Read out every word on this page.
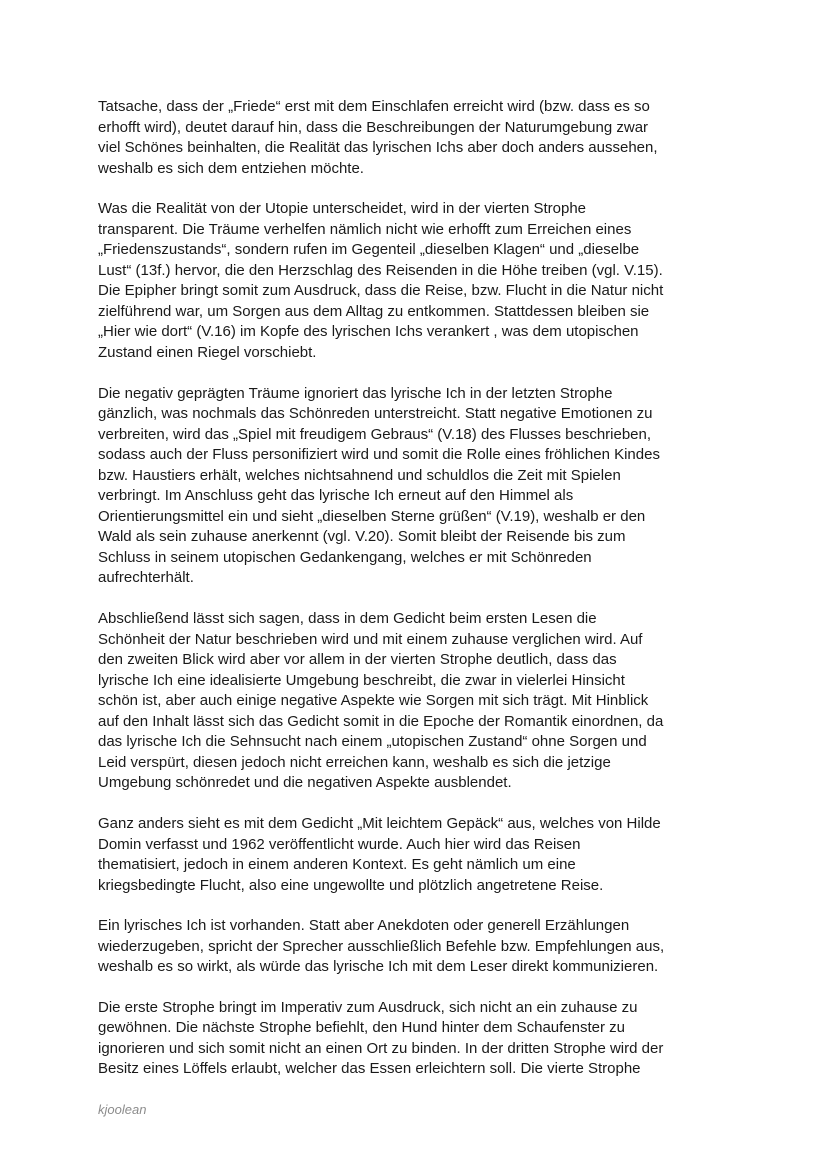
Tatsache, dass der „Friede“ erst mit dem Einschlafen erreicht wird (bzw. dass es so
erhofft wird), deutet darauf hin, dass die Beschreibungen der Naturumgebung zwar
viel Schönes beinhalten, die Realität das lyrischen Ichs aber doch anders aussehen,
weshalb es sich dem entziehen möchte.

Was die Realität von der Utopie unterscheidet, wird in der vierten Strophe
transparent. Die Träume verhelfen nämlich nicht wie erhofft zum Erreichen eines
„Friedenszustands“, sondern rufen im Gegenteil „dieselben Klagen“ und „dieselbe
Lust“ (13f.) hervor, die den Herzschlag des Reisenden in die Höhe treiben (vgl. V.15).
Die Epipher bringt somit zum Ausdruck, dass die Reise, bzw. Flucht in die Natur nicht
zielführend war, um Sorgen aus dem Alltag zu entkommen. Stattdessen bleiben sie
„Hier wie dort“ (V.16) im Kopfe des lyrischen Ichs verankert , was dem utopischen
Zustand einen Riegel vorschiebt.

Die negativ geprägten Träume ignoriert das lyrische Ich in der letzten Strophe
gänzlich, was nochmals das Schönreden unterstreicht. Statt negative Emotionen zu
verbreiten, wird das „Spiel mit freudigem Gebraus“ (V.18) des Flusses beschrieben,
sodass auch der Fluss personifiziert wird und somit die Rolle eines fröhlichen Kindes
bzw. Haustiers erhält, welches nichtsahnend und schuldlos die Zeit mit Spielen
verbringt. Im Anschluss geht das lyrische Ich erneut auf den Himmel als
Orientierungsmittel ein und sieht „dieselben Sterne grüßen“ (V.19), weshalb er den
Wald als sein zuhause anerkennt (vgl. V.20). Somit bleibt der Reisende bis zum
Schluss in seinem utopischen Gedankengang, welches er mit Schönreden
aufrechterhält.

Abschließend lässt sich sagen, dass in dem Gedicht beim ersten Lesen die
Schönheit der Natur beschrieben wird und mit einem zuhause verglichen wird. Auf
den zweiten Blick wird aber vor allem in der vierten Strophe deutlich, dass das
lyrische Ich eine idealisierte Umgebung beschreibt, die zwar in vielerlei Hinsicht
schön ist, aber auch einige negative Aspekte wie Sorgen mit sich trägt. Mit Hinblick
auf den Inhalt lässt sich das Gedicht somit in die Epoche der Romantik einordnen, da
das lyrische Ich die Sehnsucht nach einem „utopischen Zustand“ ohne Sorgen und
Leid verspürt, diesen jedoch nicht erreichen kann, weshalb es sich die jetzige
Umgebung schönredet und die negativen Aspekte ausblendet.

Ganz anders sieht es mit dem Gedicht „Mit leichtem Gepäck“ aus, welches von Hilde
Domin verfasst und 1962 veröffentlicht wurde. Auch hier wird das Reisen
thematisiert, jedoch in einem anderen Kontext. Es geht nämlich um eine
kriegsbedingte Flucht, also eine ungewollte und plötzlich angetretene Reise.

Ein lyrisches Ich ist vorhanden. Statt aber Anekdoten oder generell Erzählungen
wiederzugeben, spricht der Sprecher ausschließlich Befehle bzw. Empfehlungen aus,
weshalb es so wirkt, als würde das lyrische Ich mit dem Leser direkt kommunizieren.

Die erste Strophe bringt im Imperativ zum Ausdruck, sich nicht an ein zuhause zu
gewöhnen. Die nächste Strophe befiehlt, den Hund hinter dem Schaufenster zu
ignorieren und sich somit nicht an einen Ort zu binden. In der dritten Strophe wird der
Besitz eines Löffels erlaubt, welcher das Essen erleichtern soll. Die vierte Strophe

kjoolean
